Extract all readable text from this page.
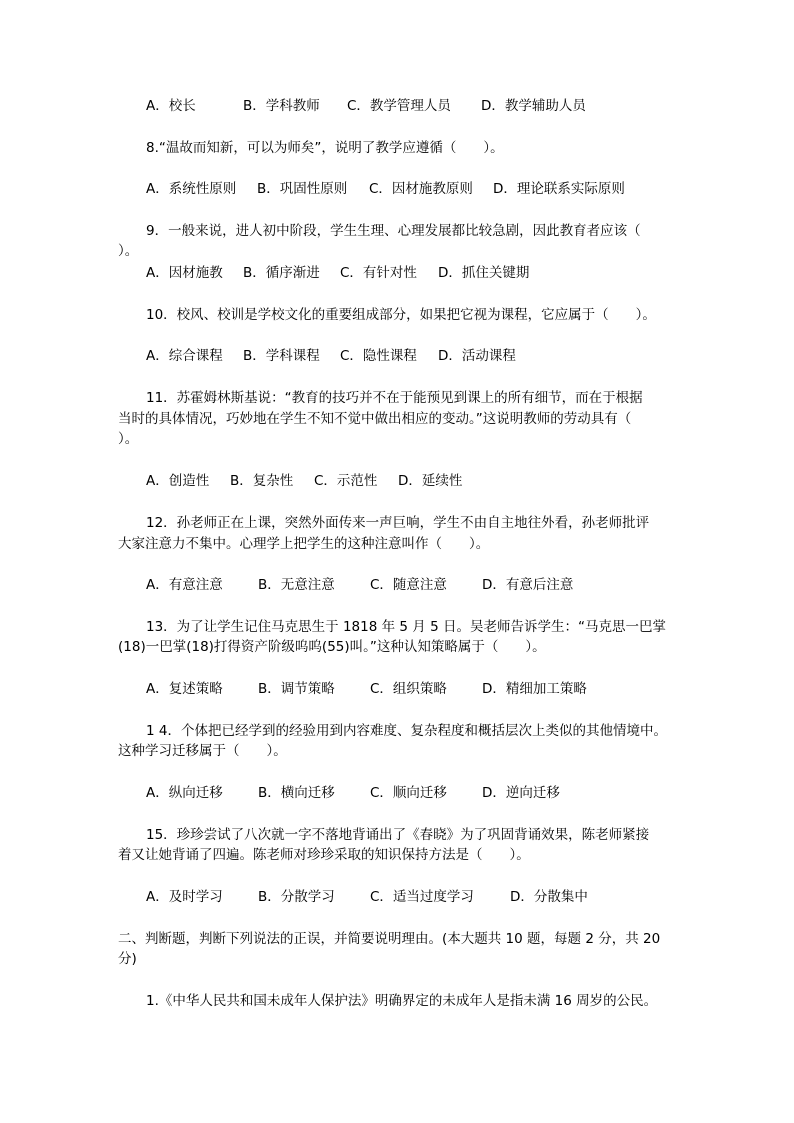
A．校长	B．学科教师 C．教学管理人员 D．教学辅助人员
8.“温故而知新，可以为师矣”，说明了教学应遵循（　　）。
A．系统性原则 B．巩固性原则 C．因材施教原则 D．理论联系实际原则
9．一般来说，进人初中阶段，学生生理、心理发展都比较急剧，因此教育者应该（
）。
A．因材施教 B．循序渐进 C．有针对性 D．抓住关键期
10．校风、校训是学校文化的重要组成部分，如果把它视为课程，它应属于（　　）。
A．综合课程 B．学科课程 C．隐性课程 D．活动课程
11．苏霍姆林斯基说：“教育的技巧并不在于能预见到课上的所有细节，而在于根据
当时的具体情况，巧妙地在学生不知不觉中做出相应的变动。”这说明教师的劳动具有（
）。
A．创造性 B．复杂性 C．示范性 D．延续性
12．孙老师正在上课，突然外面传来一声巨响，学生不由自主地往外看，孙老师批评
大家注意力不集中。心理学上把学生的这种注意叫作（　　）。
A．有意注意	B．无意注意	C．随意注意	D．有意后注意
13．为了让学生记住马克思生于 1818 年 5 月 5 日。吴老师告诉学生：“马克思一巴掌
(18)一巴掌(18)打得资产阶级呜呜(55)叫。”这种认知策略属于（　　）。
A．复述策略	B．调节策略	C．组织策略	D．精细加工策略
1 4．个体把已经学到的经验用到内容难度、复杂程度和概括层次上类似的其他情境中。
这种学习迁移属于（　　）。
A．纵向迁移	B．横向迁移	C．顺向迁移	D．逆向迁移
15．珍珍尝试了八次就一字不落地背诵出了《春晓》为了巩固背诵效果，陈老师紧接
着又让她背诵了四遍。陈老师对珍珍采取的知识保持方法是（　　）。
A．及时学习	B．分散学习	C．适当过度学习	D．分散集中
二、判断题，判断下列说法的正误，并简要说明理由。(本大题共 10 题，每题 2 分，共 20
分)
1.《中华人民共和国未成年人保护法》明确界定的未成年人是指未满 16 周岁的公民。
